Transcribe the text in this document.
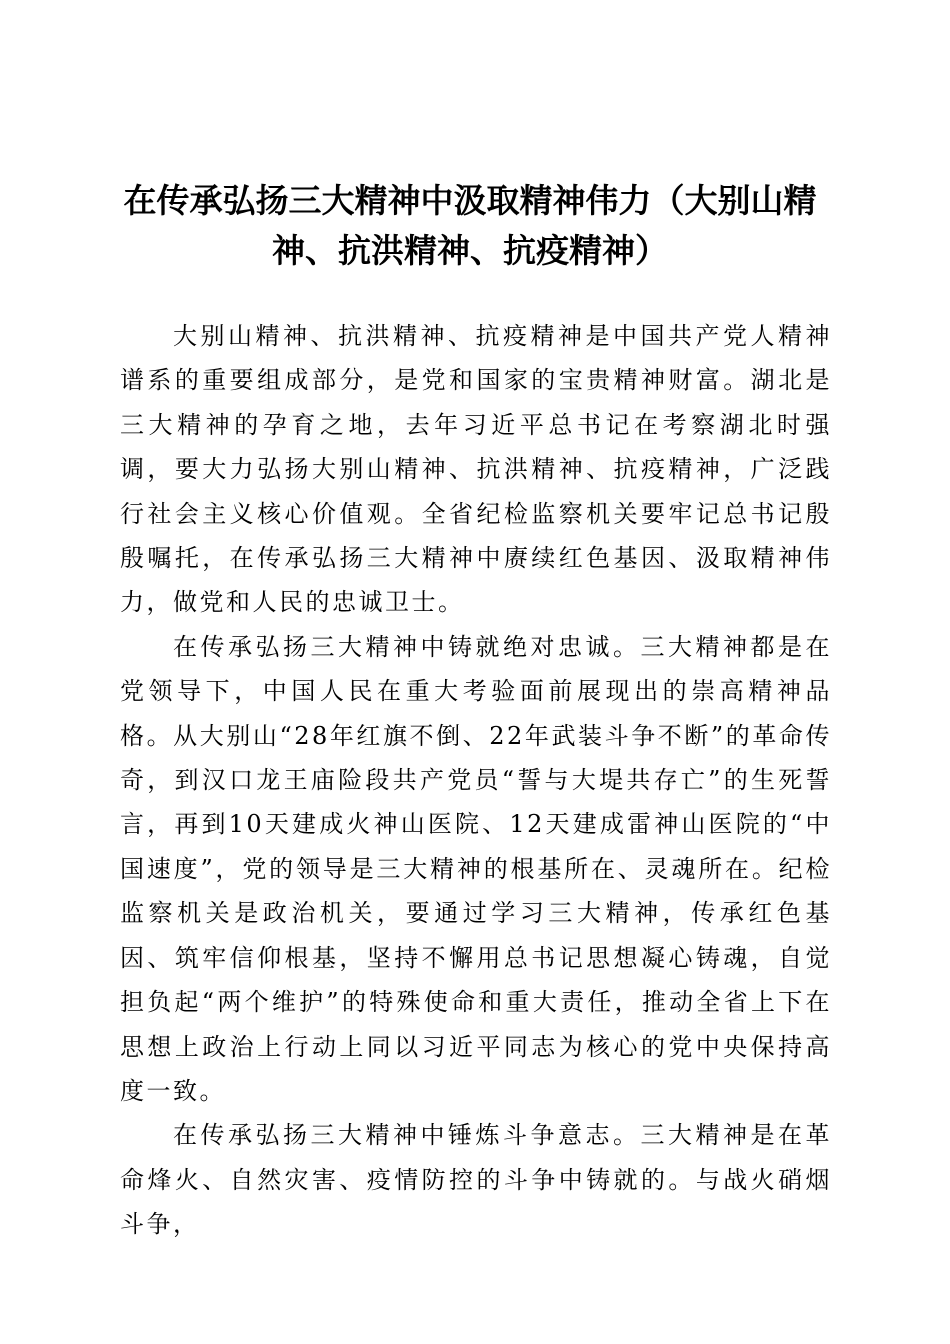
在传承弘扬三大精神中汲取精神伟力（大别山精神、抗洪精神、抗疫精神）

大别山精神、抗洪精神、抗疫精神是中国共产党人精神谱系的重要组成部分，是党和国家的宝贵精神财富。湖北是三大精神的孕育之地，去年习近平总书记在考察湖北时强调，要大力弘扬大别山精神、抗洪精神、抗疫精神，广泛践行社会主义核心价值观。全省纪检监察机关要牢记总书记殷殷嘱托，在传承弘扬三大精神中赓续红色基因、汲取精神伟力，做党和人民的忠诚卫士。

在传承弘扬三大精神中铸就绝对忠诚。三大精神都是在党领导下，中国人民在重大考验面前展现出的崇高精神品格。从大别山“28年红旗不倒、22年武装斗争不断”的革命传奇，到汉口龙王庙险段共产党员“誓与大堤共存亡”的生死誓言，再到10天建成火神山医院、12天建成雷神山医院的“中国速度”，党的领导是三大精神的根基所在、灵魂所在。纪检监察机关是政治机关，要通过学习三大精神，传承红色基因、筑牢信仰根基，坚持不懈用总书记思想凝心铸魂，自觉担负起“两个维护”的特殊使命和重大责任，推动全省上下在思想上政治上行动上同以习近平同志为核心的党中央保持高度一致。

在传承弘扬三大精神中锤炼斗争意志。三大精神是在革命烽火、自然灾害、疫情防控的斗争中铸就的。与战火硝烟斗争，
